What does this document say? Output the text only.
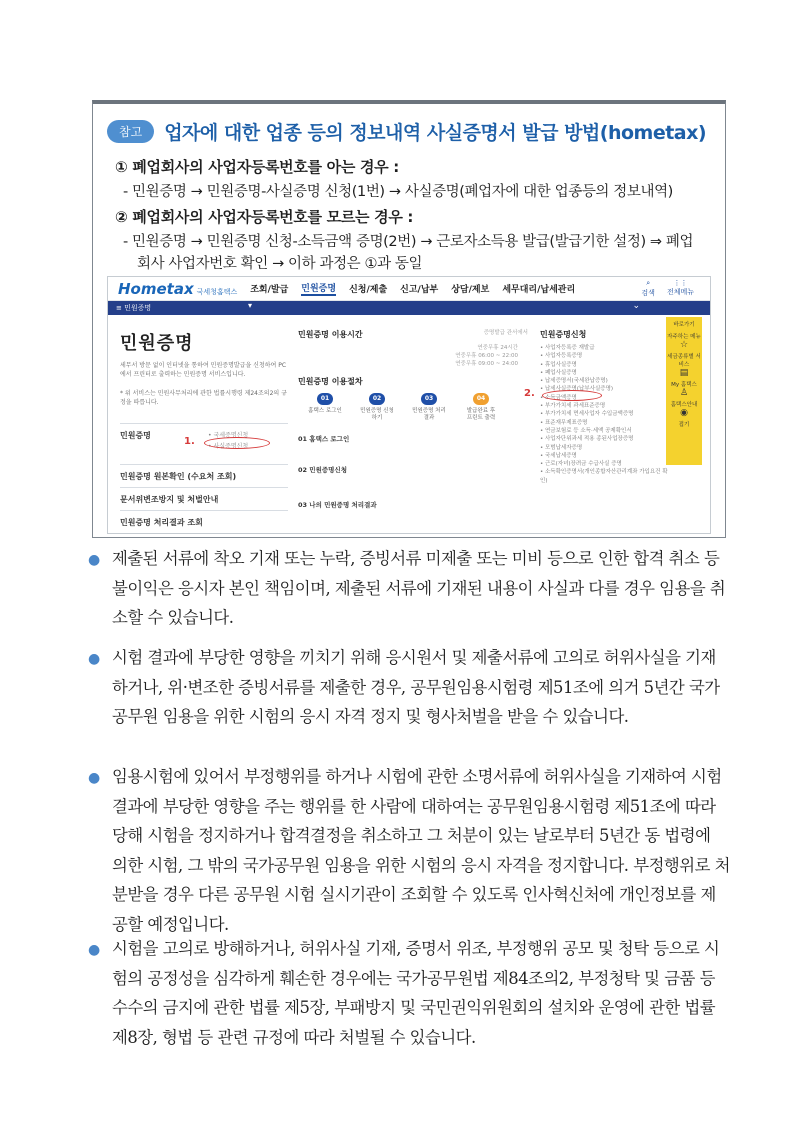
참고	업자에 대한 업종 등의 정보내역 사실증명서 발급 방법(hometax)
① 폐업회사의 사업자등록번호를 아는 경우 :
- 민원증명 → 민원증명-사실증명 신청(1번) → 사실증명(폐업자에 대한 업종등의 정보내역)
② 폐업회사의 사업자등록번호를 모르는 경우 :
- 민원증명 → 민원증명 신청-소득금액 증명(2번) → 근로자소득용 발급(발급기한 설정) ⇒ 폐업
회사 사업자번호 확인 → 이하 과정은 ①과 동일
Hometax 국세청홈택스 조회/발급 민원증명 신청/제출 신고/납부 상담/제보 세무대리/납세관리
⌕
검색
⋮⋮
전체메뉴
≡ 민원증명	▾	⌄
민원증명
세무서 방문 없이 인터넷을 통하여 민원증명발급을 신청하여 PC에서 프린터로 출력하는 민원증명 서비스입니다.
* 위 서비스는 민원사무처리에 관한 법률시행령 제24조의2의 규정을 따릅니다.
민원증명	• 국세증명신청
• 사실증명신청
1.
민원증명 원본확인 (수요처 조회)
문서위변조방지 및 처벌안내
민원증명 처리결과 조회
민원증명 이용시간	증명발급 관서에서
연중무휴 24시간
연중무휴 06:00 ~ 22:00
연중무휴 09:00 ~ 24:00
민원증명 이용절차
01
홈택스 로그인
02
민원증명 신청하기
03
민원증명 처리결과
04
발급완료 후 프린트 출력
01 홈택스 로그인
02 민원증명신청
03 나의 민원증명 처리결과
민원증명신청
• 사업자등록증 재발급
• 사업자등록증명
• 휴업사실증명
• 폐업사실증명
• 납세증명서(국세완납증명)
• 납세사실증명(납부사실증명)
• 소득금액증명
• 부가가치세 과세표준증명
• 부가가치세 면세사업자 수입금액증명
• 표준재무제표증명
• 연금보험료 등 소득·세액 공제확인서
• 사업자단위과세 적용 종된사업장증명
• 모범납세자증명
• 국세납세증명
• 근로(자녀)장려금 수급사실 증명
• 소득확인증명서(개인종합자산관리계좌 가입요건 확인)
2.
바로가기
자주하는 메뉴
☆
세금종류별 서비스
▤
My 홈택스
♙
홈택스안내
◉
접기
● 제출된 서류에 착오 기재 또는 누락, 증빙서류 미제출 또는 미비 등으로 인한 합격 취소 등 불이익은 응시자 본인 책임이며, 제출된 서류에 기재된 내용이 사실과 다를 경우 임용을 취소할 수 있습니다.
● 시험 결과에 부당한 영향을 끼치기 위해 응시원서 및 제출서류에 고의로 허위사실을 기재하거나, 위·변조한 증빙서류를 제출한 경우, 공무원임용시험령 제51조에 의거 5년간 국가공무원 임용을 위한 시험의 응시 자격 정지 및 형사처벌을 받을 수 있습니다.
● 임용시험에 있어서 부정행위를 하거나 시험에 관한 소명서류에 허위사실을 기재하여 시험결과에 부당한 영향을 주는 행위를 한 사람에 대하여는 공무원임용시험령 제51조에 따라 당해 시험을 정지하거나 합격결정을 취소하고 그 처분이 있는 날로부터 5년간 동 법령에 의한 시험, 그 밖의 국가공무원 임용을 위한 시험의 응시 자격을 정지합니다. 부정행위로 처분받을 경우 다른 공무원 시험 실시기관이 조회할 수 있도록 인사혁신처에 개인정보를 제공할 예정입니다.
● 시험을 고의로 방해하거나, 허위사실 기재, 증명서 위조, 부정행위 공모 및 청탁 등으로 시험의 공정성을 심각하게 훼손한 경우에는 국가공무원법 제84조의2, 부정청탁 및 금품 등 수수의 금지에 관한 법률 제5장, 부패방지 및 국민권익위원회의 설치와 운영에 관한 법률 제8장, 형법 등 관련 규정에 따라 처벌될 수 있습니다.
